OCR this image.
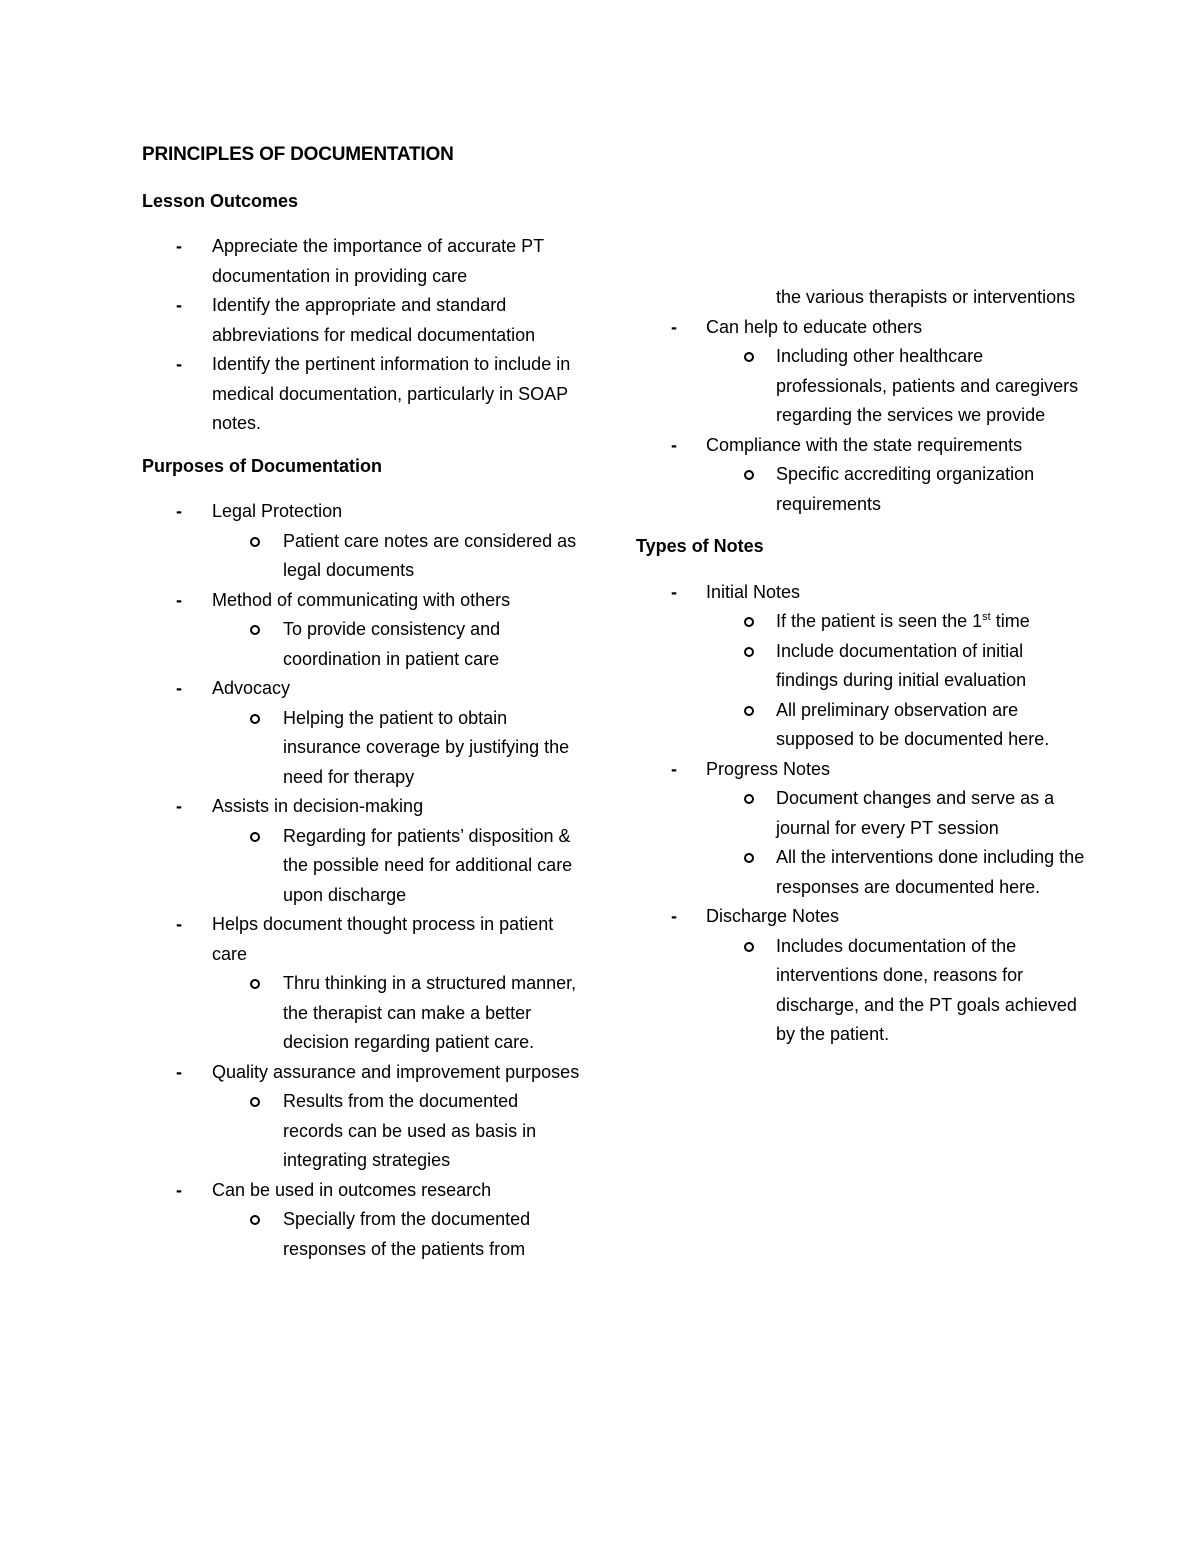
PRINCIPLES OF DOCUMENTATION
Lesson Outcomes
- Appreciate the importance of accurate PT documentation in providing care
- Identify the appropriate and standard abbreviations for medical documentation
- Identify the pertinent information to include in medical documentation, particularly in SOAP notes.
Purposes of Documentation
- Legal Protection
Patient care notes are considered as legal documents
- Method of communicating with others
To provide consistency and coordination in patient care
- Advocacy
Helping the patient to obtain insurance coverage by justifying the need for therapy
- Assists in decision-making
Regarding for patients’ disposition & the possible need for additional care upon discharge
- Helps document thought process in patient care
Thru thinking in a structured manner, the therapist can make a better decision regarding patient care.
- Quality assurance and improvement purposes
Results from the documented records can be used as basis in integrating strategies
- Can be used in outcomes research
Specially from the documented responses of the patients from
the various therapists or interventions
- Can help to educate others
Including other healthcare professionals, patients and caregivers regarding the services we provide
- Compliance with the state requirements
Specific accrediting organization requirements
Types of Notes
- Initial Notes
If the patient is seen the 1st time
Include documentation of initial findings during initial evaluation
All preliminary observation are supposed to be documented here.
- Progress Notes
Document changes and serve as a journal for every PT session
All the interventions done including the responses are documented here.
- Discharge Notes
Includes documentation of the interventions done, reasons for discharge, and the PT goals achieved by the patient.
